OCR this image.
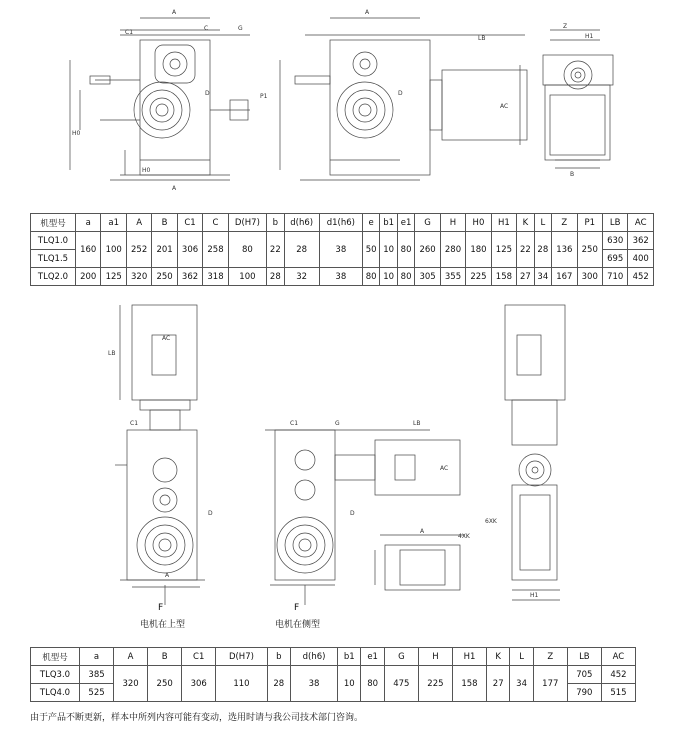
A
C1
C	G
D
H0
H0
A
P1
A
LB
AC
D
Z
H1
B
机型号	a	a1	A	B	C1	C	D(H7)	b	d(h6)	d1(h6)	e	b1	e1	G	H	H0	H1	K	L	Z	P1	LB	AC
TLQ1.0	160	100	252	201	306	258	80	22	28	38	50	10	80	260	280	180	125	22	28	136	250	630	362
TLQ1.5																						695	400
TLQ2.0	200	125	320	250	362	318	100	28	32	38	80	10	80	305	355	225	158	27	34	167	300	710	452
LB
AC
C1
D
A
C1	G	LB
AC
D
4XK
A
6XK
H1
F	F
电机在上型	电机在侧型
机型号	a	A	B	C1	D(H7)	b	d(h6)	b1	e1	G	H	H1	K	L	Z	LB	AC
TLQ3.0	385	320	250	306	110	28	38	10	80	475	225	158	27	34	177	705	452
TLQ4.0	525															790	515
由于产品不断更新，样本中所列内容可能有变动，选用时请与我公司技术部门咨询。
